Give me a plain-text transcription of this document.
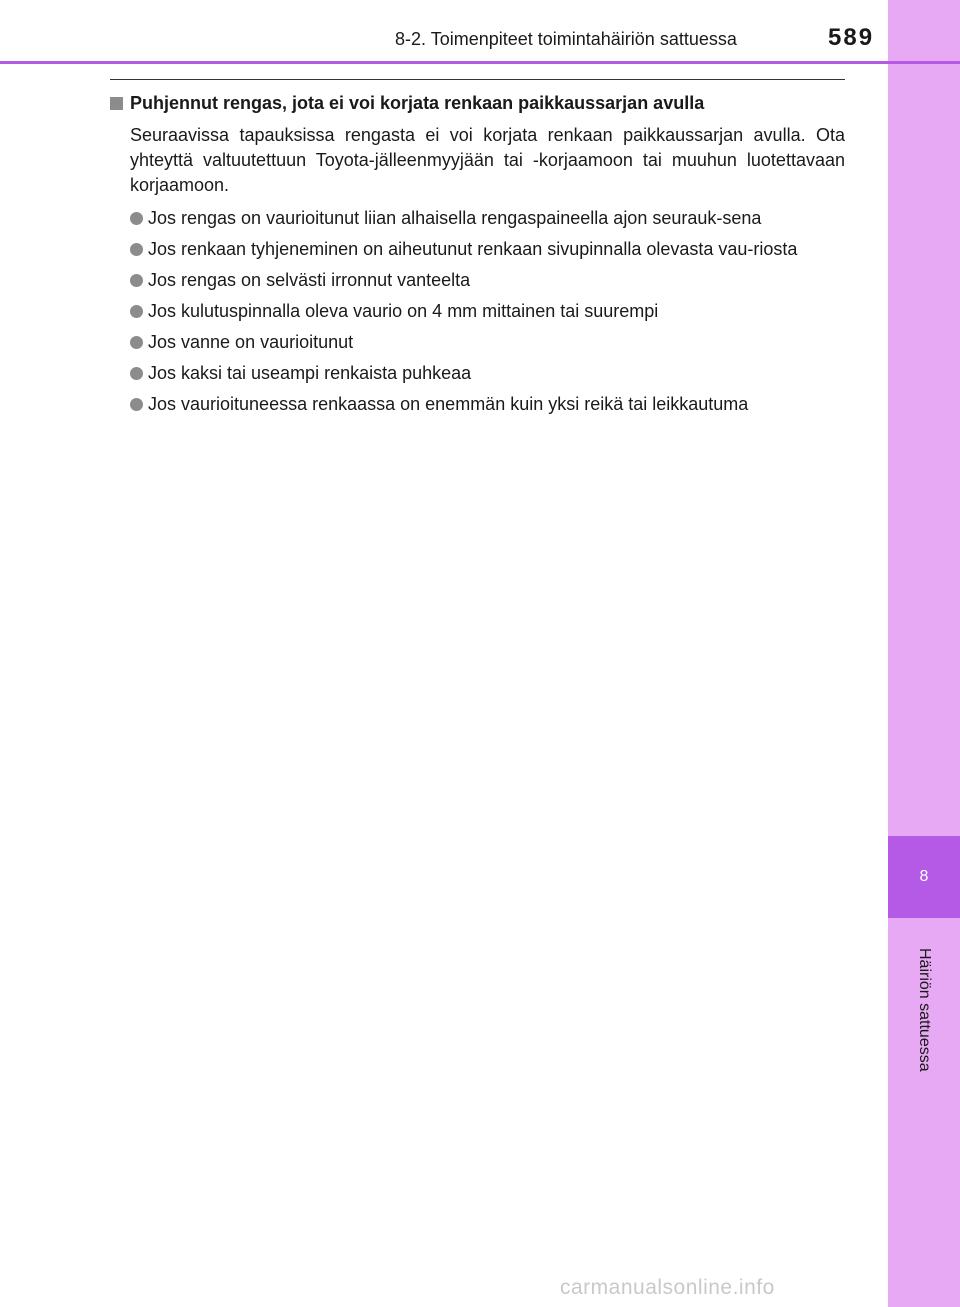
8
Häiriön sattuessa
8-2. Toimenpiteet toimintahäiriön sattuessa	589
Puhjennut rengas, jota ei voi korjata renkaan paikkaussarjan avulla
Seuraavissa tapauksissa rengasta ei voi korjata renkaan paikkaussarjan avulla. Ota yhteyttä valtuutettuun Toyota-jälleenmyyjään tai -korjaamoon tai muuhun luotettavaan korjaamoon.
Jos rengas on vaurioitunut liian alhaisella rengaspaineella ajon seurauk-sena
Jos renkaan tyhjeneminen on aiheutunut renkaan sivupinnalla olevasta vau-riosta
Jos rengas on selvästi irronnut vanteelta
Jos kulutuspinnalla oleva vaurio on 4 mm mittainen tai suurempi
Jos vanne on vaurioitunut
Jos kaksi tai useampi renkaista puhkeaa
Jos vaurioituneessa renkaassa on enemmän kuin yksi reikä tai leikkautuma
carmanualsonline.info
